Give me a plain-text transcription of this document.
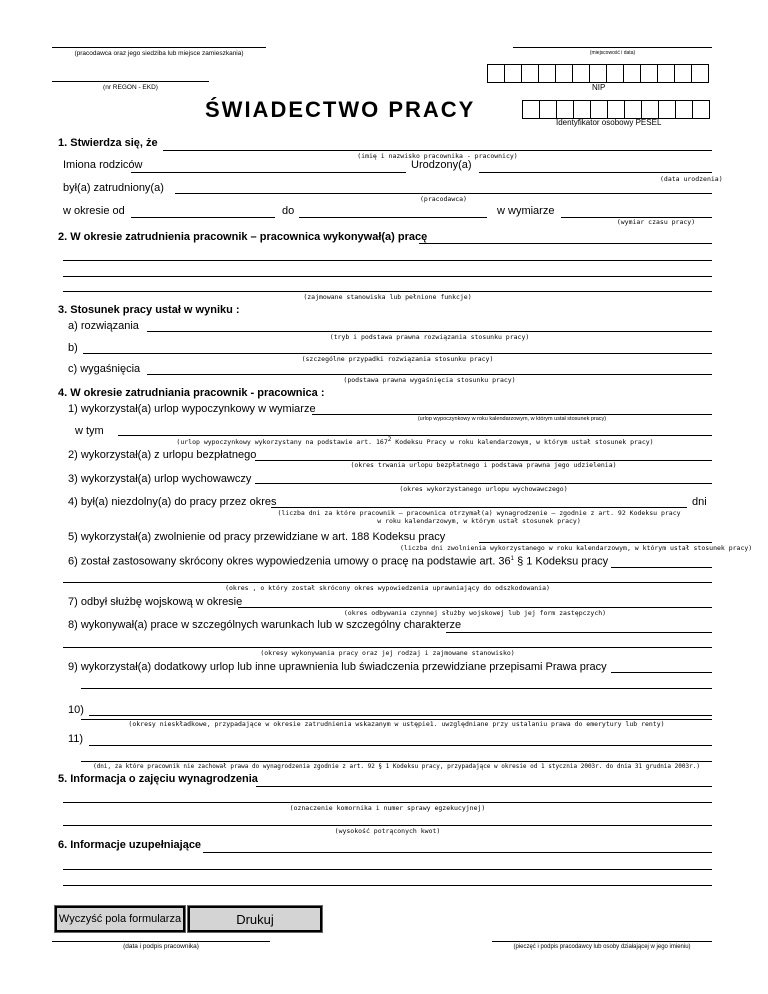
(pracodawca oraz jego siedziba lub miejsce zamieszkania)	(miejscowość i data)
(nr REGON - EKD)	NIP
ŚWIADECTWO PRACY
Identyfikator osobowy PESEL
1. Stwierdza się, że
(imię i nazwisko pracownika - pracownicy)
Imiona rodziców	Urodzony(a)
(data urodzenia)
był(a) zatrudniony(a)
(pracodawca)
w okresie od	do	w wymiarze
(wymiar czasu pracy)
2. W okresie zatrudnienia pracownik – pracownica wykonywał(a) pracę
(zajmowane stanowiska lub pełnione funkcje)
3. Stosunek pracy ustał w wyniku :
a) rozwiązania
(tryb i podstawa prawna rozwiązania stosunku pracy)
b)
(szczególne przypadki rozwiązania stosunku pracy)
c) wygaśnięcia
(podstawa prawna wygaśnięcia stosunku pracy)
4. W okresie zatrudniania pracownik - pracownica :
1) wykorzystał(a) urlop wypoczynkowy w wymiarze
(urlop wypoczynkowy w roku kalendarzowym, w którym ustał stosunek pracy)
w tym
(urlop wypoczynkowy wykorzystany na podstawie art. $167^2$ Kodeksu Pracy w roku kalendarzowym, w którym ustał stosunek pracy)
2) wykorzystał(a) z urlopu bezpłatnego
(okres trwania urlopu bezpłatnego i podstawa prawna jego udzielenia)
3) wykorzystał(a) urlop wychowawczy
(okres wykorzystanego urlopu wychowawczego)
4) był(a) niezdolny(a) do pracy przez okres	dni
(liczba dni za które pracownik – pracownica otrzymał(a) wynagrodzenie – zgodnie z art. 92 Kodeksu pracy
w roku kalendarzowym, w którym ustał stosunek pracy)
5) wykorzystał(a) zwolnienie od pracy przewidziane w art. 188 Kodeksu pracy
(liczba dni zwolnienia wykorzystanego w roku kalendarzowym, w którym ustał stosunek pracy)
6) został zastosowany skrócony okres wypowiedzenia umowy o pracę na podstawie art. $36^1$ § 1 Kodeksu pracy
(okres , o który został skrócony okres wypowiedzenia uprawniający do odszkodowania)
7) odbył służbę wojskową w okresie
(okres odbywania czynnej służby wojskowej lub jej form zastępczych)
8) wykonywał(a) prace w szczególnych warunkach lub w szczególny charakterze
(okresy wykonywania pracy oraz jej rodzaj i zajmowane stanowisko)
9) wykorzystał(a) dodatkowy urlop lub inne uprawnienia lub świadczenia przewidziane przepisami Prawa pracy
10)
(okresy nieskładkowe, przypadające w okresie zatrudnienia wskazanym w ustępie1. uwzględniane przy ustalaniu prawa do emerytury lub renty)
11)
(dni, za które pracownik nie zachował prawa do wynagrodzenia zgodnie z art. 92 § 1 Kodeksu pracy, przypadające w okresie od 1 stycznia 2003r. do dnia 31 grudnia 2003r.)
5. Informacja o zajęciu wynagrodzenia
(oznaczenie komornika i numer sprawy egzekucyjnej)
(wysokość potrąconych kwot)
6. Informacje uzupełniające
Wyczyść pola formularza	Drukuj
(data i podpis pracownika)	(pieczęć i podpis pracodawcy lub osoby działającej w jego imieniu)
